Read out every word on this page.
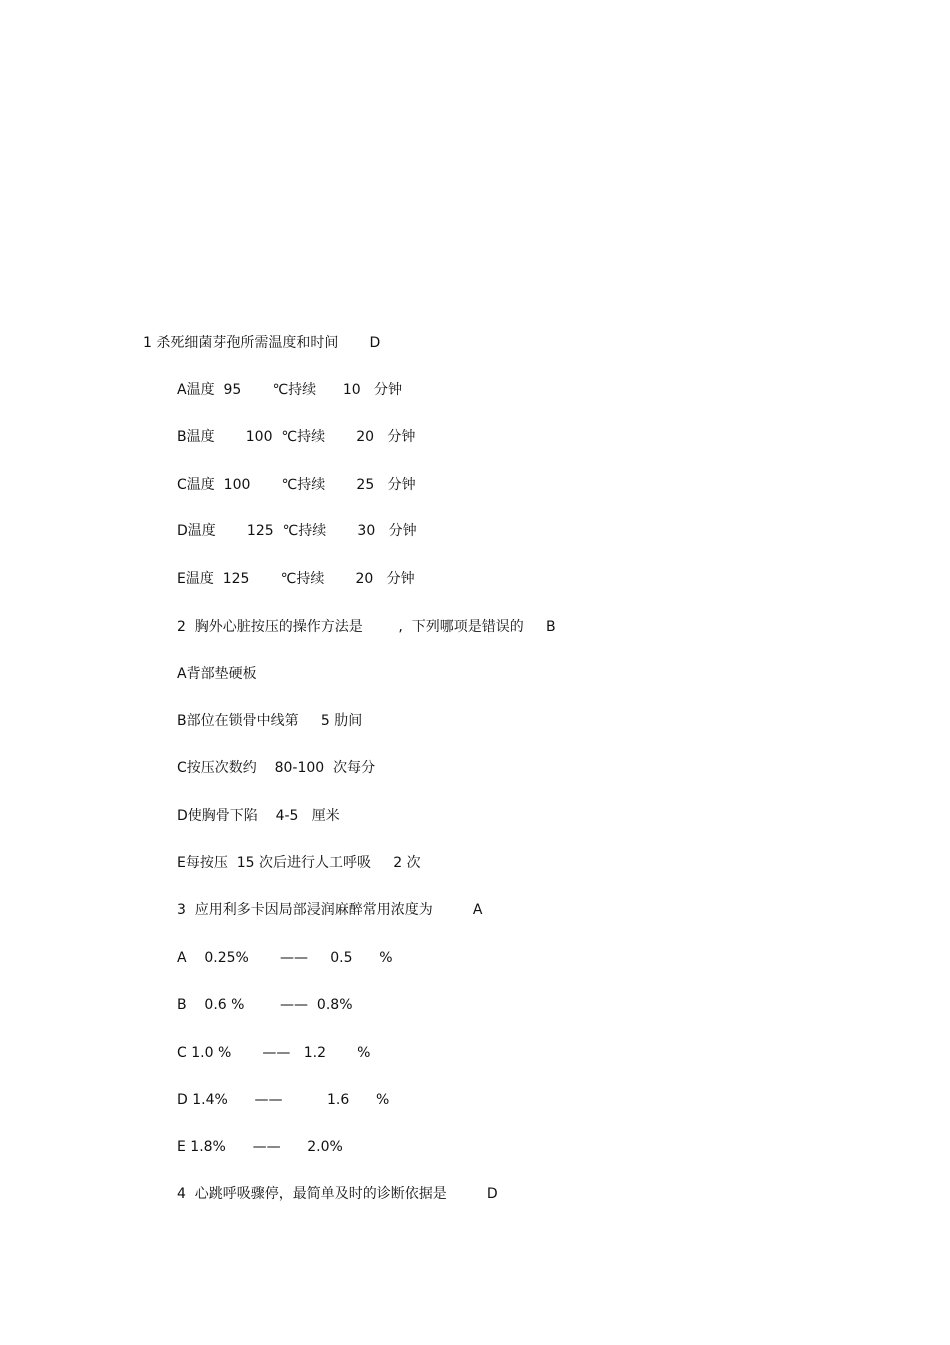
1 杀死细菌芽孢所需温度和时间       D
A温度  95       ℃持续      10   分钟
B温度       100  ℃持续       20   分钟
C温度  100       ℃持续       25   分钟
D温度       125  ℃持续       30   分钟
E温度  125       ℃持续       20   分钟
2  胸外心脏按压的操作方法是        ,  下列哪项是错误的     B
A背部垫硬板
B部位在锁骨中线第     5 肋间
C按压次数约    80-100  次每分
D使胸骨下陷    4-5   厘米
E每按压  15 次后进行人工呼吸     2 次
3  应用利多卡因局部浸润麻醉常用浓度为         A
A    0.25%       ——     0.5      %
B    0.6 %        ——  0.8%
C 1.0 %       ——   1.2       %
D 1.4%      ——          1.6      %
E 1.8%      ——      2.0%
4  心跳呼吸骤停，最简单及时的诊断依据是         D
